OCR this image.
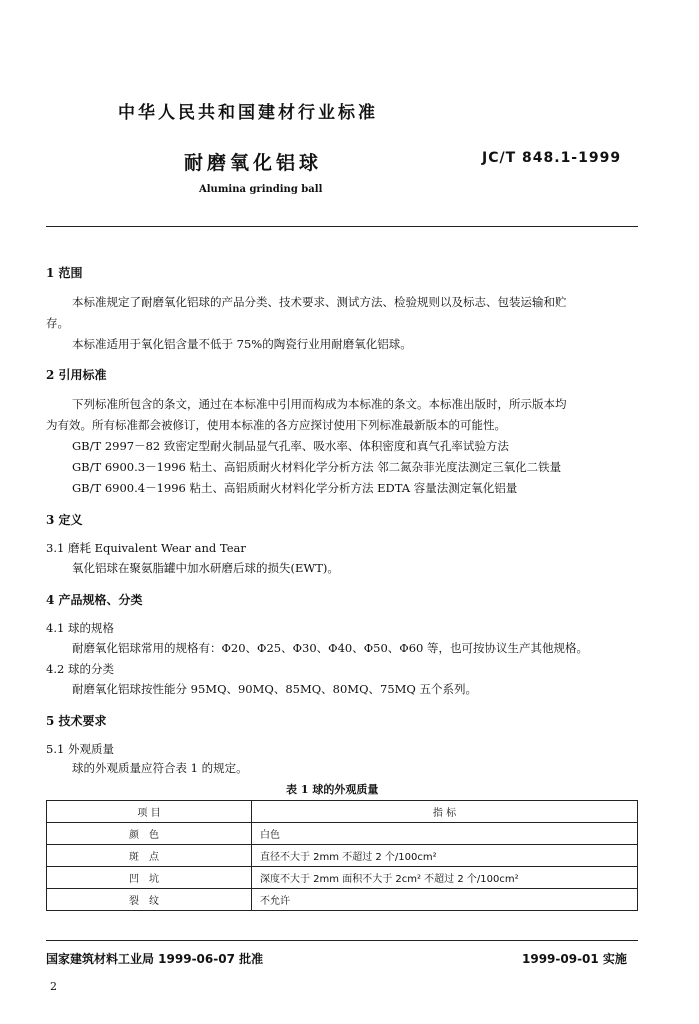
中华人民共和国建材行业标准
耐磨氧化铝球	JC/T 848.1-1999
Alumina grinding ball
1 范围
本标准规定了耐磨氧化铝球的产品分类、技术要求、测试方法、检验规则以及标志、包装运输和贮
存。
本标准适用于氧化铝含量不低于 75%的陶瓷行业用耐磨氧化铝球。
2 引用标准
下列标准所包含的条文，通过在本标准中引用而构成为本标准的条文。本标准出版时，所示版本均
为有效。所有标准都会被修订，使用本标准的各方应探讨使用下列标准最新版本的可能性。
GB/T 2997－82 致密定型耐火制品显气孔率、吸水率、体积密度和真气孔率试验方法
GB/T 6900.3－1996 粘土、高铝质耐火材料化学分析方法 邻二氮杂菲光度法测定三氧化二铁量
GB/T 6900.4－1996 粘土、高铝质耐火材料化学分析方法 EDTA 容量法测定氧化铝量
3 定义
3.1 磨耗 Equivalent Wear and Tear
氧化铝球在聚氨脂罐中加水研磨后球的损失(EWT)。
4 产品规格、分类
4.1 球的规格
耐磨氧化铝球常用的规格有：Φ20、Φ25、Φ30、Φ40、Φ50、Φ60 等，也可按协议生产其他规格。
4.2 球的分类
耐磨氧化铝球按性能分 95MQ、90MQ、85MQ、80MQ、75MQ 五个系列。
5 技术要求
5.1 外观质量
球的外观质量应符合表 1 的规定。
表 1 球的外观质量
项 目	指 标
颜色	白色
斑点	直径不大于 2mm 不超过 2 个/100cm²
凹坑	深度不大于 2mm 面积不大于 2cm² 不超过 2 个/100cm²
裂纹	不允许
国家建筑材料工业局 1999-06-07 批准	1999-09-01 实施
2
